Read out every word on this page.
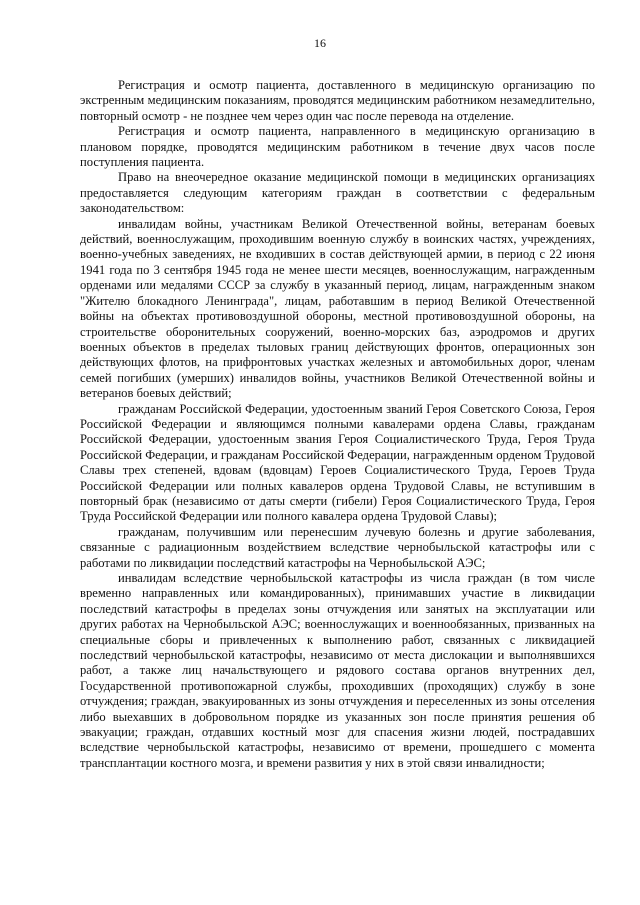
16

Регистрация и осмотр пациента, доставленного в медицинскую организацию по экстренным медицинским показаниям, проводятся медицинским работником незамедлительно, повторный осмотр - не позднее чем через один час после перевода на отделение.

Регистрация и осмотр пациента, направленного в медицинскую организацию в плановом порядке, проводятся медицинским работником в течение двух часов после поступления пациента.

Право на внеочередное оказание медицинской помощи в медицинских организациях предоставляется следующим категориям граждан в соответствии с федеральным законодательством:

инвалидам войны, участникам Великой Отечественной войны, ветеранам боевых действий, военнослужащим, проходившим военную службу в воинских частях, учреждениях, военно-учебных заведениях, не входивших в состав действующей армии, в период с 22 июня 1941 года по 3 сентября 1945 года не менее шести месяцев, военнослужащим, награжденным орденами или медалями СССР за службу в указанный период, лицам, награжденным знаком "Жителю блокадного Ленинграда", лицам, работавшим в период Великой Отечественной войны на объектах противовоздушной обороны, местной противовоздушной обороны, на строительстве оборонительных сооружений, военно-морских баз, аэродромов и других военных объектов в пределах тыловых границ действующих фронтов, операционных зон действующих флотов, на прифронтовых участках железных и автомобильных дорог, членам семей погибших (умерших) инвалидов войны, участников Великой Отечественной войны и ветеранов боевых действий;

гражданам Российской Федерации, удостоенным званий Героя Советского Союза, Героя Российской Федерации и являющимся полными кавалерами ордена Славы, гражданам Российской Федерации, удостоенным звания Героя Социалистического Труда, Героя Труда Российской Федерации, и гражданам Российской Федерации, награжденным орденом Трудовой Славы трех степеней, вдовам (вдовцам) Героев Социалистического Труда, Героев Труда Российской Федерации или полных кавалеров ордена Трудовой Славы, не вступившим в повторный брак (независимо от даты смерти (гибели) Героя Социалистического Труда, Героя Труда Российской Федерации или полного кавалера ордена Трудовой Славы);

гражданам, получившим или перенесшим лучевую болезнь и другие заболевания, связанные с радиационным воздействием вследствие чернобыльской катастрофы или с работами по ликвидации последствий катастрофы на Чернобыльской АЭС;

инвалидам вследствие чернобыльской катастрофы из числа граждан (в том числе временно направленных или командированных), принимавших участие в ликвидации последствий катастрофы в пределах зоны отчуждения или занятых на эксплуатации или других работах на Чернобыльской АЭС; военнослужащих и военнообязанных, призванных на специальные сборы и привлеченных к выполнению работ, связанных с ликвидацией последствий чернобыльской катастрофы, независимо от места дислокации и выполнявшихся работ, а также лиц начальствующего и рядового состава органов внутренних дел, Государственной противопожарной службы, проходивших (проходящих) службу в зоне отчуждения; граждан, эвакуированных из зоны отчуждения и переселенных из зоны отселения либо выехавших в добровольном порядке из указанных зон после принятия решения об эвакуации; граждан, отдавших костный мозг для спасения жизни людей, пострадавших вследствие чернобыльской катастрофы, независимо от времени, прошедшего с момента трансплантации костного мозга, и времени развития у них в этой связи инвалидности;
